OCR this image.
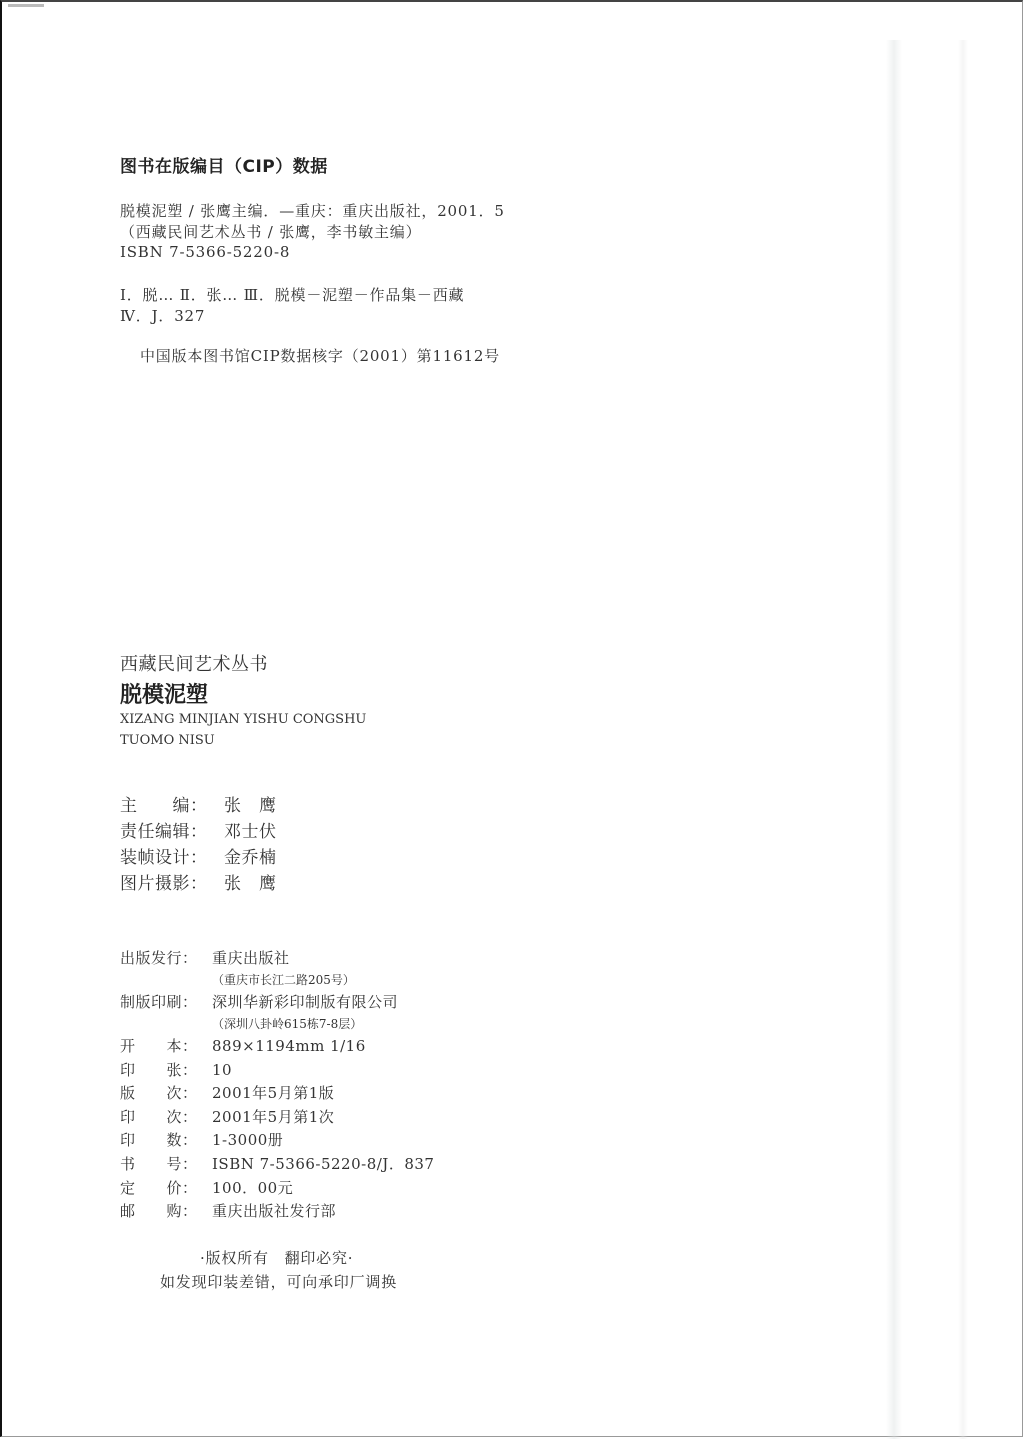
图书在版编目（CIP）数据
脱模泥塑 / 张鹰主编．—重庆：重庆出版社，2001．5
（西藏民间艺术丛书 / 张鹰，李书敏主编）
ISBN 7-5366-5220-8
Ⅰ．脱… Ⅱ．张… Ⅲ．脱模－泥塑－作品集－西藏
Ⅳ．J．327
中国版本图书馆CIP数据核字（2001）第11612号
西藏民间艺术丛书
脱模泥塑
XIZANG MINJIAN YISHU CONGSHU
TUOMO NISU
主　　编： 张　鹰
责任编辑： 邓士伏
装帧设计： 金乔楠
图片摄影： 张　鹰
出版发行： 重庆出版社
（重庆市长江二路205号）
制版印刷： 深圳华新彩印制版有限公司
（深圳八卦岭615栋7-8层）
开　　本： 889×1194mm 1/16
印　　张： 10
版　　次： 2001年5月第1版
印　　次： 2001年5月第1次
印　　数： 1-3000册
书　　号： ISBN 7-5366-5220-8/J．837
定　　价： 100．00元
邮　　购： 重庆出版社发行部
·版权所有　翻印必究·
如发现印装差错，可向承印厂调换
